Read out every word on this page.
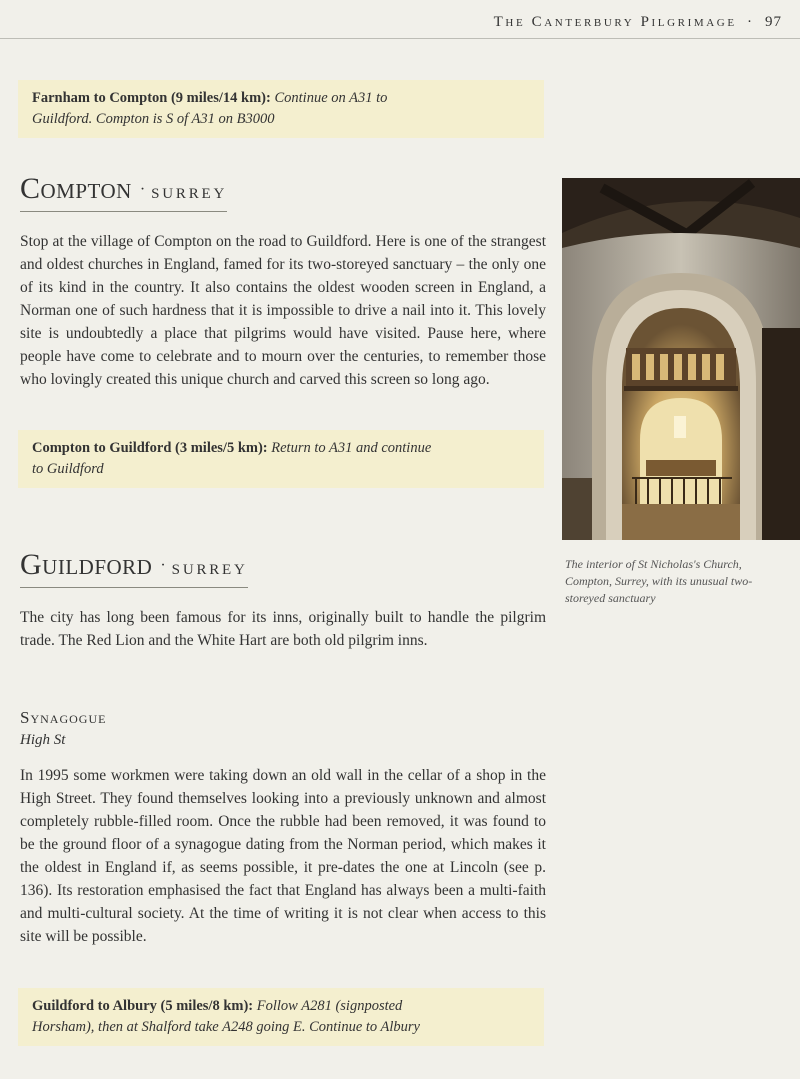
The Canterbury Pilgrimage · 97
Farnham to Compton (9 miles/14 km): Continue on A31 to
Guildford. Compton is S of A31 on B3000
Compton · SURREY

Stop at the village of Compton on the road to Guildford. Here is one of the strangest and oldest churches in England, famed for its two-storeyed sanctuary – the only one of its kind in the country. It also contains the oldest wooden screen in England, a Norman one of such hardness that it is impossible to drive a nail into it. This lovely site is undoubtedly a place that pilgrims would have visited. Pause here, where people have come to celebrate and to mourn over the centuries, to remember those who lovingly created this unique church and carved this screen so long ago.

Compton to Guildford (3 miles/5 km): Return to A31 and continue
to Guildford
Guildford · SURREY

The city has long been famous for its inns, originally built to handle the pilgrim trade. The Red Lion and the White Hart are both old pilgrim inns.

Synagogue
High St

In 1995 some workmen were taking down an old wall in the cellar of a shop in the High Street. They found themselves looking into a previously unknown and almost completely rubble-filled room. Once the rubble had been removed, it was found to be the ground floor of a synagogue dating from the Norman period, which makes it the oldest in England if, as seems possible, it pre-dates the one at Lincoln (see p. 136). Its restoration emphasised the fact that England has always been a multi-faith and multi-cultural society. At the time of writing it is not clear when access to this site will be possible.

Guildford to Albury (5 miles/8 km): Follow A281 (signposted
Horsham), then at Shalford take A248 going E. Continue to Albury
The interior of St Nicholas's Church, Compton, Surrey, with its unusual two-storeyed sanctuary
